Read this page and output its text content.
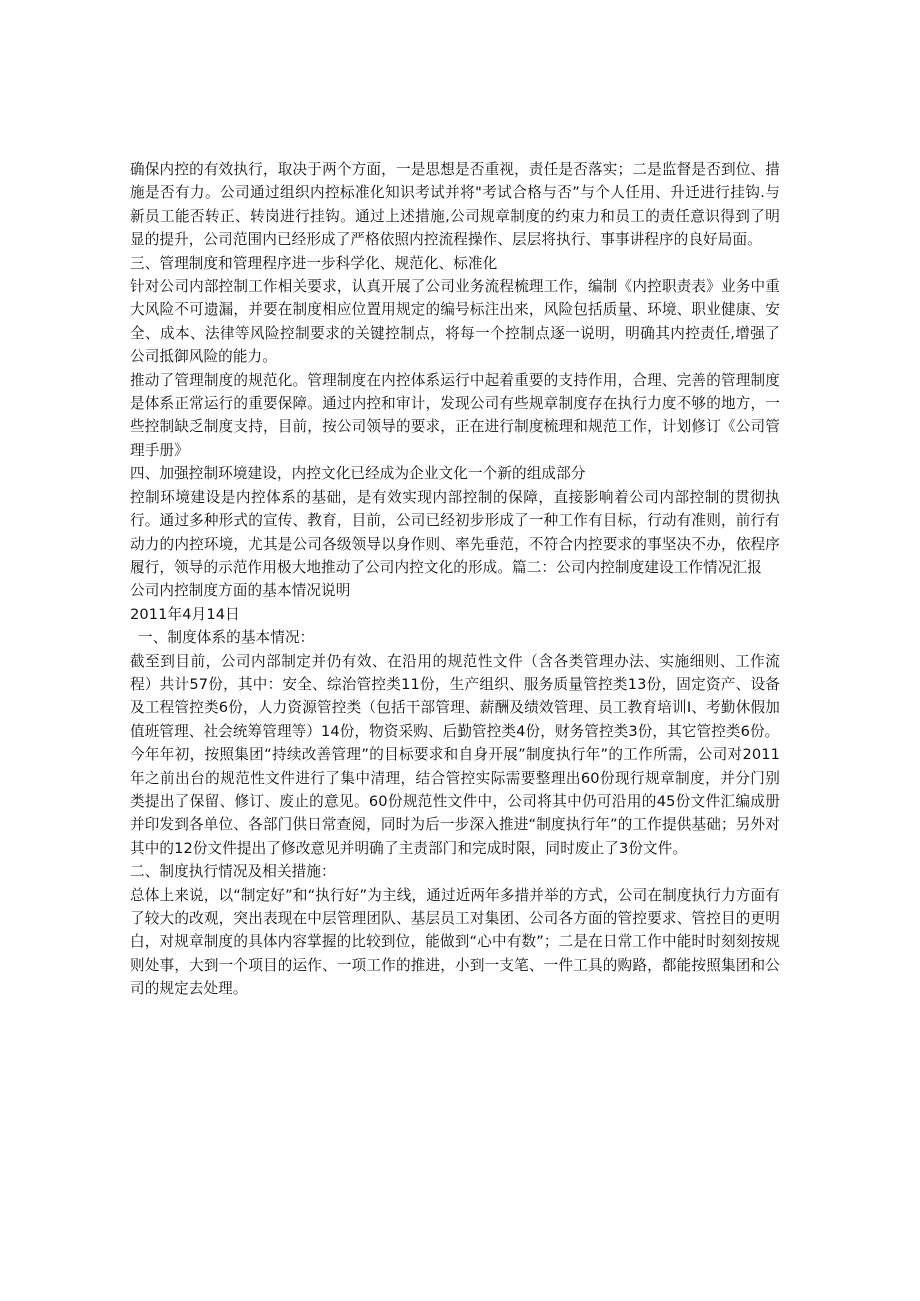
确保内控的有效执行，取决于两个方面，一是思想是否重视，责任是否落实；二是监督是否到位、措施是否有力。公司通过组织内控标准化知识考试并将"考试合格与否”与个人任用、升迁进行挂钩.与新员工能否转正、转岗进行挂钩。通过上述措施,公司规章制度的约束力和员工的责任意识得到了明显的提升，公司范围内已经形成了严格依照内控流程操作、层层将执行、事事讲程序的良好局面。

三、管理制度和管理程序进一步科学化、规范化、标准化

针对公司内部控制工作相关要求，认真开展了公司业务流程梳理工作，编制《内控职责表》业务中重大风险不可遗漏，并要在制度相应位置用规定的编号标注出来，风险包括质量、环境、职业健康、安全、成本、法律等风险控制要求的关键控制点，将每一个控制点逐一说明，明确其内控责任,增强了公司抵御风险的能力。

推动了管理制度的规范化。管理制度在内控体系运行中起着重要的支持作用，合理、完善的管理制度是体系正常运行的重要保障。通过内控和审计，发现公司有些规章制度存在执行力度不够的地方，一些控制缺乏制度支持，目前，按公司领导的要求，正在进行制度梳理和规范工作，计划修订《公司管理手册》

四、加强控制环境建设，内控文化已经成为企业文化一个新的组成部分

控制环境建设是内控体系的基础，是有效实现内部控制的保障，直接影响着公司内部控制的贯彻执行。通过多种形式的宣传、教育，目前，公司已经初步形成了一种工作有目标，行动有准则，前行有动力的内控环境，尤其是公司各级领导以身作则、率先垂范，不符合内控要求的事坚决不办，依程序履行，领导的示范作用极大地推动了公司内控文化的形成。篇二：公司内控制度建设工作情况汇报

公司内控制度方面的基本情况说明

2011年4月14日

一、制度体系的基本情况：

截至到目前，公司内部制定并仍有效、在沿用的规范性文件（含各类管理办法、实施细则、工作流程）共计57份，其中：安全、综治管控类11份，生产组织、服务质量管控类13份，固定资产、设备及工程管控类6份，人力资源管控类（包括干部管理、薪酬及绩效管理、员工教育培训I、考勤休假加值班管理、社会统筹管理等）14份，物资采购、后勤管控类4份，财务管控类3份，其它管控类6份。

今年年初，按照集团“持续改善管理”的目标要求和自身开展”制度执行年”的工作所需，公司对2011年之前出台的规范性文件进行了集中清理，结合管控实际需要整理出60份现行规章制度，并分门别类提出了保留、修订、废止的意见。60份规范性文件中，公司将其中仍可沿用的45份文件汇编成册并印发到各单位、各部门供日常查阅，同时为后一步深入推进“制度执行年”的工作提供基础；另外对其中的12份文件提出了修改意见并明确了主责部门和完成时限，同时废止了3份文件。

二、制度执行情况及相关措施：

总体上来说，以“制定好”和“执行好”为主线，通过近两年多措并举的方式，公司在制度执行力方面有了较大的改观，突出表现在中层管理团队、基层员工对集团、公司各方面的管控要求、管控目的更明白，对规章制度的具体内容掌握的比较到位，能做到“心中有数”；二是在日常工作中能时时刻刻按规则处事，大到一个项目的运作、一项工作的推进，小到一支笔、一件工具的购路，都能按照集团和公司的规定去处理。
